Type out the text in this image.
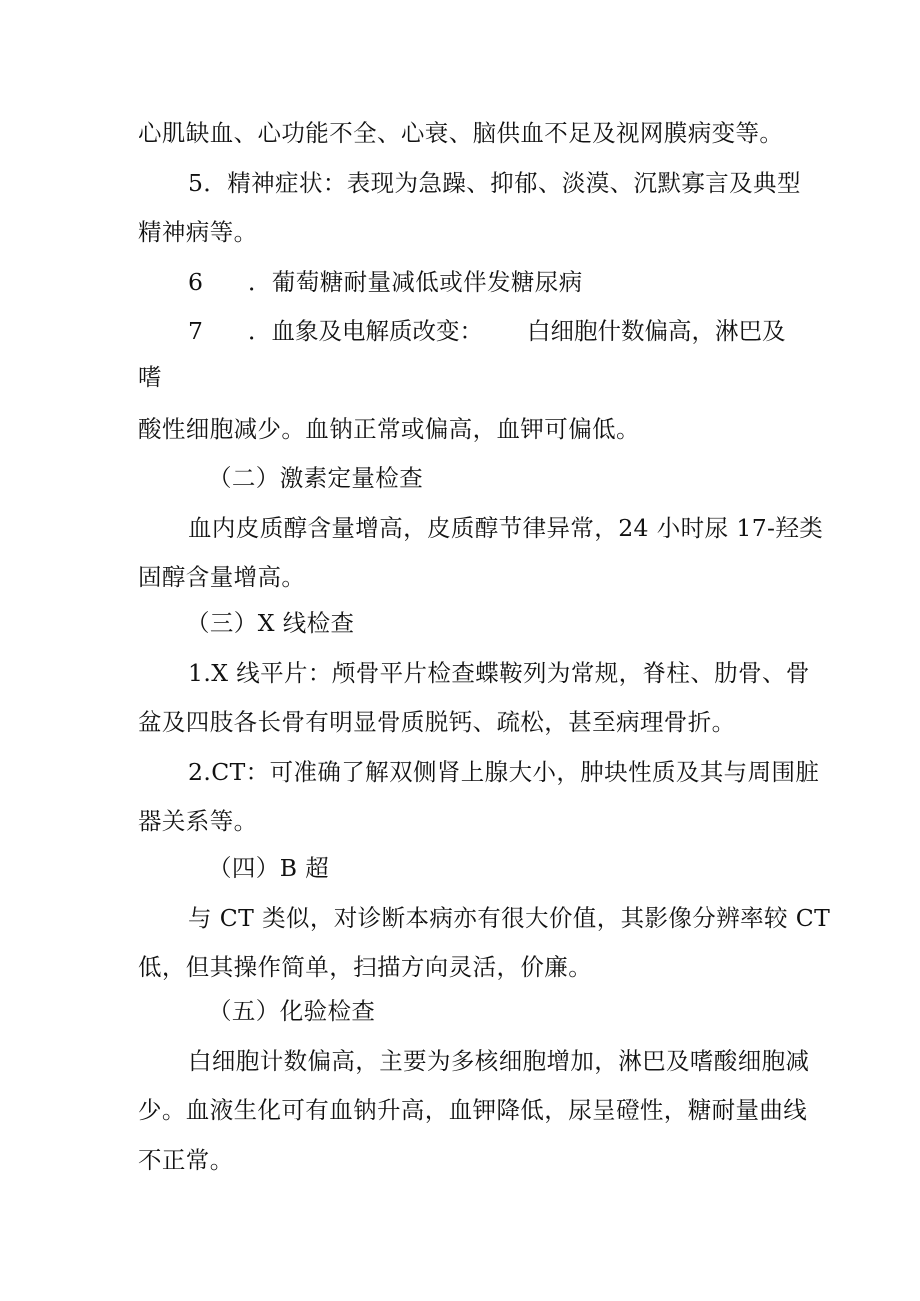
心肌缺血、心功能不全、心衰、脑供血不足及视网膜病变等。
5．精神症状：表现为急躁、抑郁、淡漠、沉默寡言及典型
精神病等。
6 ．葡萄糖耐量减低或伴发糖尿病
7 ．血象及电解质改变： 白细胞什数偏高，淋巴及
嗜
酸性细胞减少。血钠正常或偏高，血钾可偏低。
（二）激素定量检查
血内皮质醇含量增高，皮质醇节律异常，24 小时尿 17-羟类
固醇含量增高。
（三）X 线检查
1.X 线平片：颅骨平片检查蝶鞍列为常规，脊柱、肋骨、骨
盆及四肢各长骨有明显骨质脱钙、疏松，甚至病理骨折。
2.CT：可准确了解双侧肾上腺大小，肿块性质及其与周围脏
器关系等。
（四）B 超
与 CT 类似，对诊断本病亦有很大价值，其影像分辨率较 CT
低，但其操作简单，扫描方向灵活，价廉。
（五）化验检查
白细胞计数偏高，主要为多核细胞增加，淋巴及嗜酸细胞减
少。血液生化可有血钠升高，血钾降低，尿呈磴性，糖耐量曲线
不正常。
